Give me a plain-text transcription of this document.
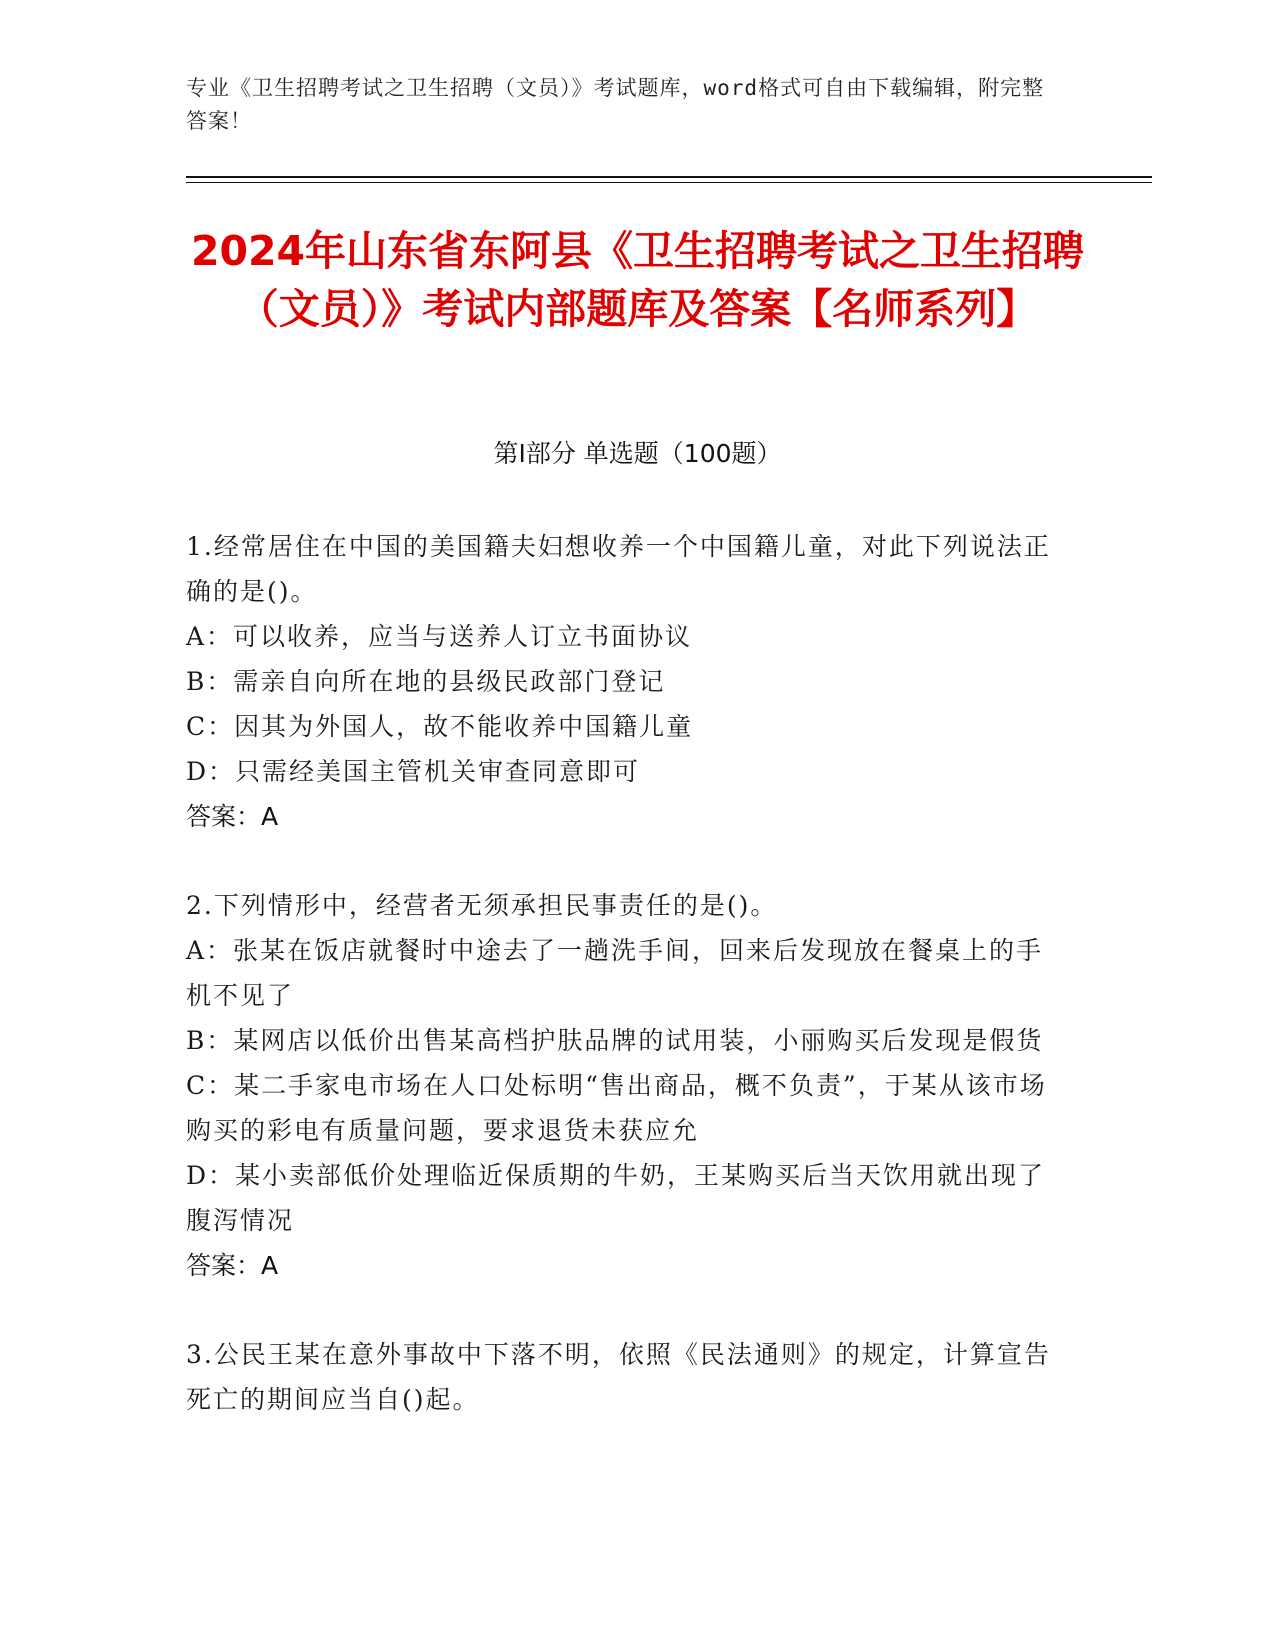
专业《卫生招聘考试之卫生招聘（文员）》考试题库，word格式可自由下载编辑，附完整答案！
2024年山东省东阿县《卫生招聘考试之卫生招聘（文员）》考试内部题库及答案【名师系列】
第Ⅰ部分 单选题（100题）
1.经常居住在中国的美国籍夫妇想收养一个中国籍儿童，对此下列说法正确的是()。
A：可以收养，应当与送养人订立书面协议
B：需亲自向所在地的县级民政部门登记
C：因其为外国人，故不能收养中国籍儿童
D：只需经美国主管机关审查同意即可
答案：A
2.下列情形中，经营者无须承担民事责任的是()。
A：张某在饭店就餐时中途去了一趟洗手间，回来后发现放在餐桌上的手机不见了
B：某网店以低价出售某高档护肤品牌的试用装，小丽购买后发现是假货
C：某二手家电市场在人口处标明“售出商品，概不负责”，于某从该市场购买的彩电有质量问题，要求退货未获应允
D：某小卖部低价处理临近保质期的牛奶，王某购买后当天饮用就出现了腹泻情况
答案：A
3.公民王某在意外事故中下落不明，依照《民法通则》的规定，计算宣告死亡的期间应当自()起。
